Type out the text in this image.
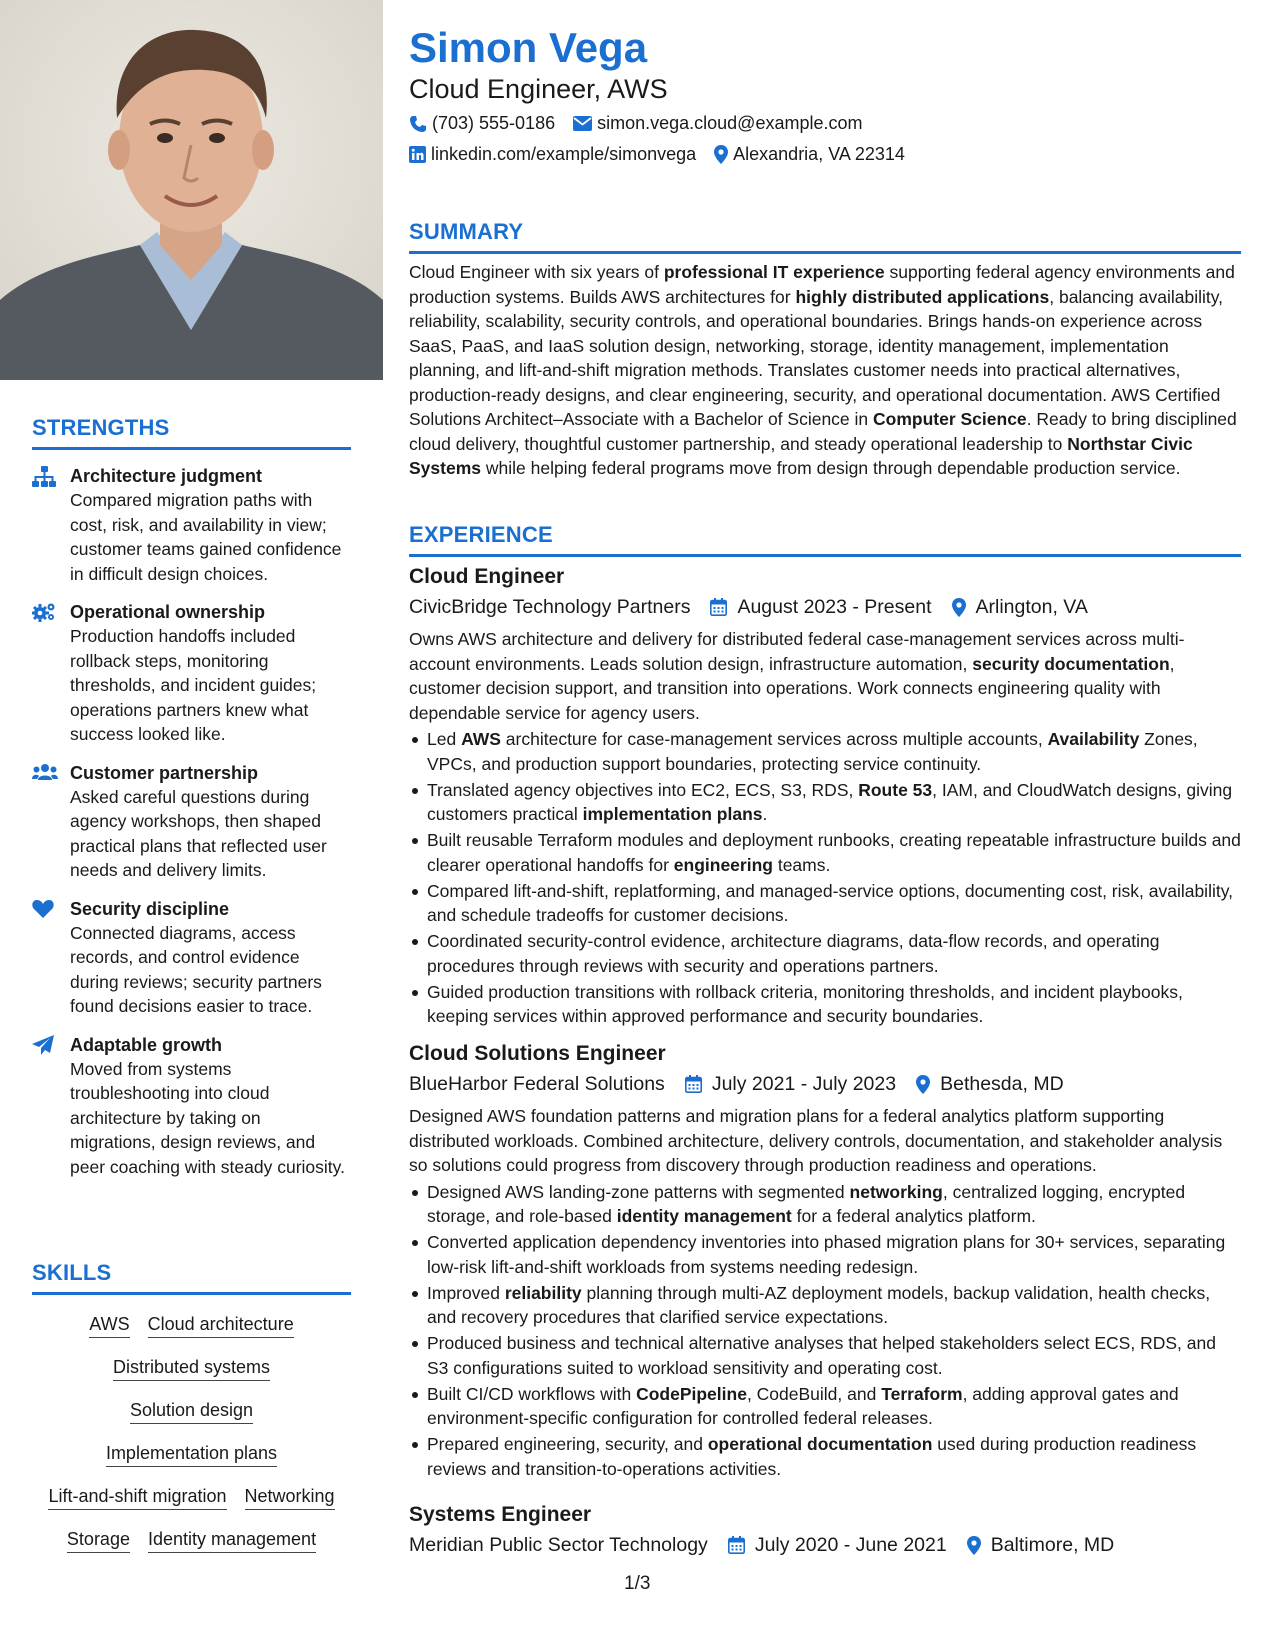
STRENGTHS
Architecture judgment
Compared migration paths with cost, risk, and availability in view; customer teams gained confidence in difficult design choices.
Operational ownership
Production handoffs included rollback steps, monitoring thresholds, and incident guides; operations partners knew what success looked like.
Customer partnership
Asked careful questions during agency workshops, then shaped practical plans that reflected user needs and delivery limits.
Security discipline
Connected diagrams, access records, and control evidence during reviews; security partners found decisions easier to trace.
Adaptable growth
Moved from systems troubleshooting into cloud architecture by taking on migrations, design reviews, and peer coaching with steady curiosity.
SKILLS
AWS Cloud architecture
Distributed systems
Solution design
Implementation plans
Lift-and-shift migration Networking
Storage Identity management
Simon Vega
Cloud Engineer, AWS
(703) 555-0186 simon.vega.cloud@example.com
linkedin.com/example/simonvega Alexandria, VA 22314
SUMMARY
Cloud Engineer with six years of professional IT experience supporting federal agency environments and production systems. Builds AWS architectures for highly distributed applications, balancing availability, reliability, scalability, security controls, and operational boundaries. Brings hands-on experience across SaaS, PaaS, and IaaS solution design, networking, storage, identity management, implementation planning, and lift-and-shift migration methods. Translates customer needs into practical alternatives, production-ready designs, and clear engineering, security, and operational documentation. AWS Certified Solutions Architect–Associate with a Bachelor of Science in Computer Science. Ready to bring disciplined cloud delivery, thoughtful customer partnership, and steady operational leadership to Northstar Civic Systems while helping federal programs move from design through dependable production service.
EXPERIENCE
Cloud Engineer
CivicBridge Technology Partners August 2023 - Present Arlington, VA
Owns AWS architecture and delivery for distributed federal case-management services across multi-account environments. Leads solution design, infrastructure automation, security documentation, customer decision support, and transition into operations. Work connects engineering quality with dependable service for agency users.
Led AWS architecture for case-management services across multiple accounts, Availability Zones, VPCs, and production support boundaries, protecting service continuity.
Translated agency objectives into EC2, ECS, S3, RDS, Route 53, IAM, and CloudWatch designs, giving customers practical implementation plans.
Built reusable Terraform modules and deployment runbooks, creating repeatable infrastructure builds and clearer operational handoffs for engineering teams.
Compared lift-and-shift, replatforming, and managed-service options, documenting cost, risk, availability, and schedule tradeoffs for customer decisions.
Coordinated security-control evidence, architecture diagrams, data-flow records, and operating procedures through reviews with security and operations partners.
Guided production transitions with rollback criteria, monitoring thresholds, and incident playbooks, keeping services within approved performance and security boundaries.
Cloud Solutions Engineer
BlueHarbor Federal Solutions July 2021 - July 2023 Bethesda, MD
Designed AWS foundation patterns and migration plans for a federal analytics platform supporting distributed workloads. Combined architecture, delivery controls, documentation, and stakeholder analysis so solutions could progress from discovery through production readiness and operations.
Designed AWS landing-zone patterns with segmented networking, centralized logging, encrypted storage, and role-based identity management for a federal analytics platform.
Converted application dependency inventories into phased migration plans for 30+ services, separating low-risk lift-and-shift workloads from systems needing redesign.
Improved reliability planning through multi-AZ deployment models, backup validation, health checks, and recovery procedures that clarified service expectations.
Produced business and technical alternative analyses that helped stakeholders select ECS, RDS, and S3 configurations suited to workload sensitivity and operating cost.
Built CI/CD workflows with CodePipeline, CodeBuild, and Terraform, adding approval gates and environment-specific configuration for controlled federal releases.
Prepared engineering, security, and operational documentation used during production readiness reviews and transition-to-operations activities.
Systems Engineer
Meridian Public Sector Technology July 2020 - June 2021 Baltimore, MD
1/3
